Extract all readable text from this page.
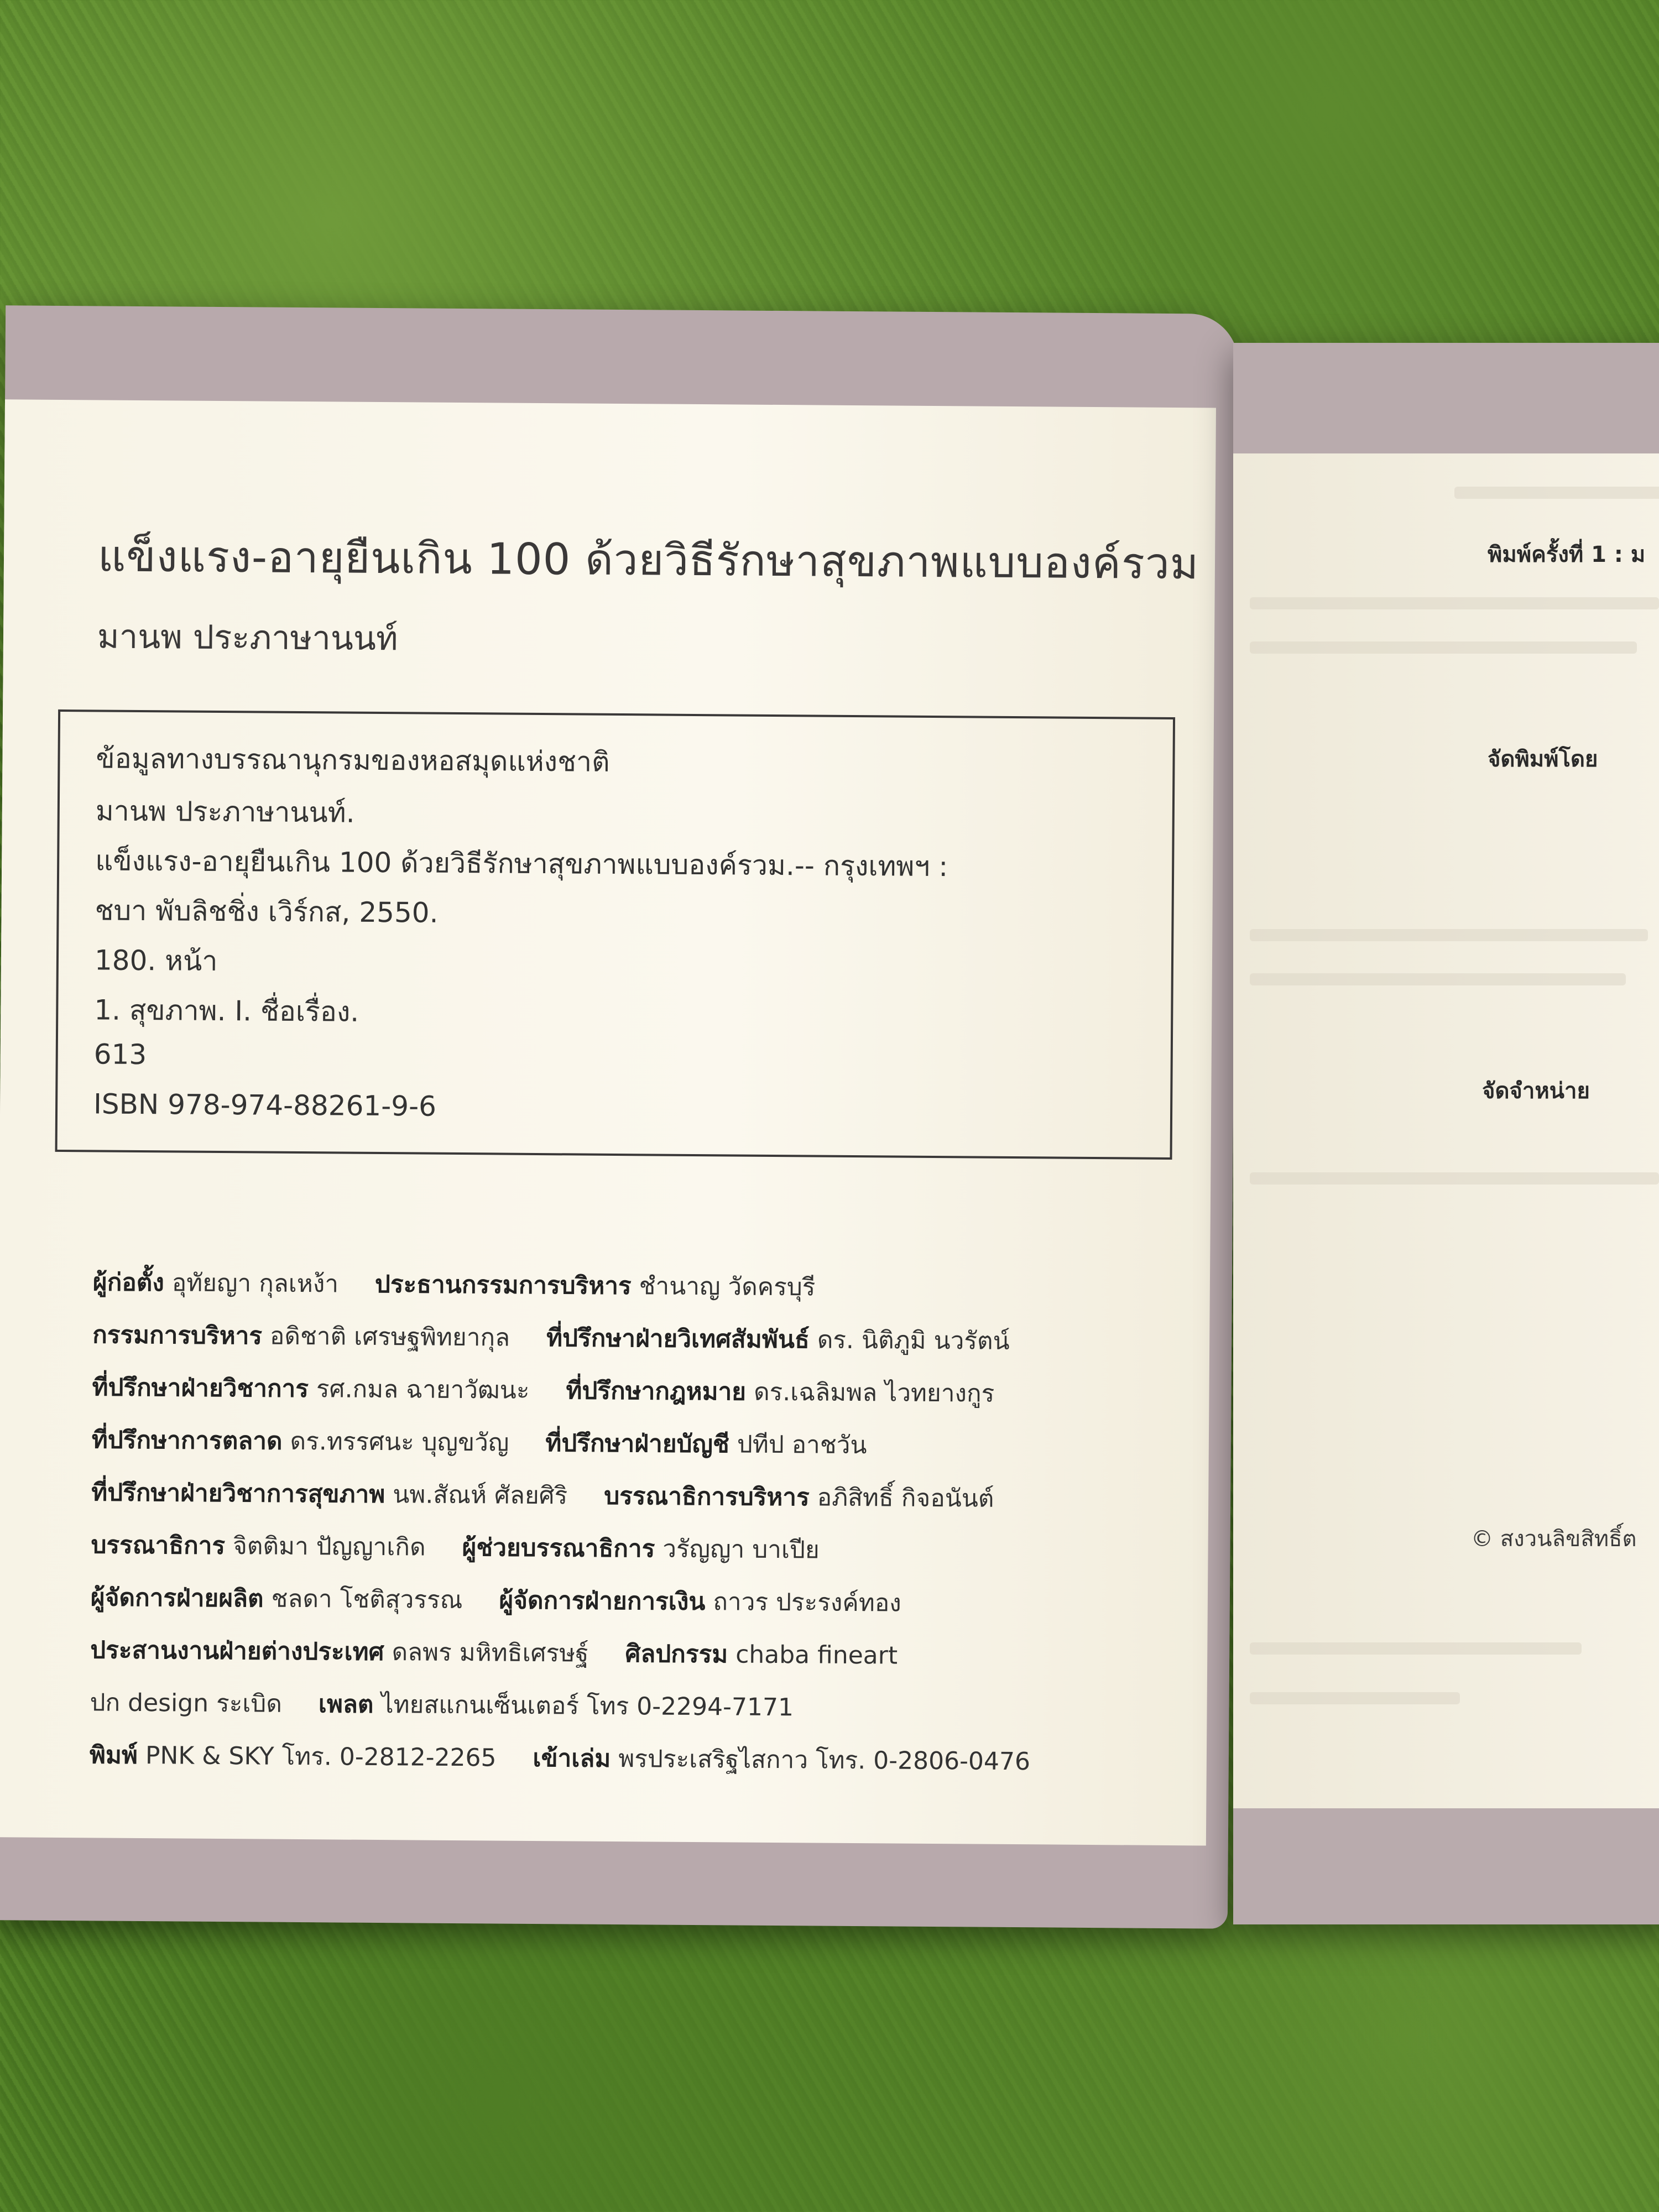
แข็งแรง-อายุยืนเกิน 100 ด้วยวิธีรักษาสุขภาพแบบองค์รวม
มานพ ประภาษานนท์
ข้อมูลทางบรรณานุกรมของหอสมุดแห่งชาติ
มานพ ประภาษานนท์.
แข็งแรง-อายุยืนเกิน 100 ด้วยวิธีรักษาสุขภาพแบบองค์รวม.-- กรุงเทพฯ :
ชบา พับลิชชิ่ง เวิร์กส, 2550.
180. หน้า
1. สุขภาพ. I. ชื่อเรื่อง.
613
ISBN 978-974-88261-9-6
ผู้ก่อตั้ง อุทัยญา กุลเหง้า ประธานกรรมการบริหาร ชำนาญ วัดครบุรี
กรรมการบริหาร อดิชาติ เศรษฐพิทยากุล ที่ปรึกษาฝ่ายวิเทศสัมพันธ์ ดร. นิติภูมิ นวรัตน์
ที่ปรึกษาฝ่ายวิชาการ รศ.กมล ฉายาวัฒนะ ที่ปรึกษากฎหมาย ดร.เฉลิมพล ไวทยางกูร
ที่ปรึกษาการตลาด ดร.ทรรศนะ บุญขวัญ ที่ปรึกษาฝ่ายบัญชี ปทีป อาชวัน
ที่ปรึกษาฝ่ายวิชาการสุขภาพ นพ.สัณห์ ศัลยศิริ บรรณาธิการบริหาร อภิสิทธิ์ กิจอนันต์
บรรณาธิการ จิตติมา ปัญญาเกิด ผู้ช่วยบรรณาธิการ วรัญญา บาเปีย
ผู้จัดการฝ่ายผลิต ชลดา โชติสุวรรณ ผู้จัดการฝ่ายการเงิน ถาวร ประรงค์ทอง
ประสานงานฝ่ายต่างประเทศ ดลพร มหิทธิเศรษฐ์ ศิลปกรรม chaba fineart
ปก design ระเบิด เพลต ไทยสแกนเซ็นเตอร์ โทร 0-2294-7171
พิมพ์ PNK & SKY โทร. 0-2812-2265 เข้าเล่ม พรประเสริฐไสกาว โทร. 0-2806-0476
พิมพ์ครั้งที่ 1 : ม
จัดพิมพ์โดย
จัดจำหน่าย
© สงวนลิขสิทธิ์ต
